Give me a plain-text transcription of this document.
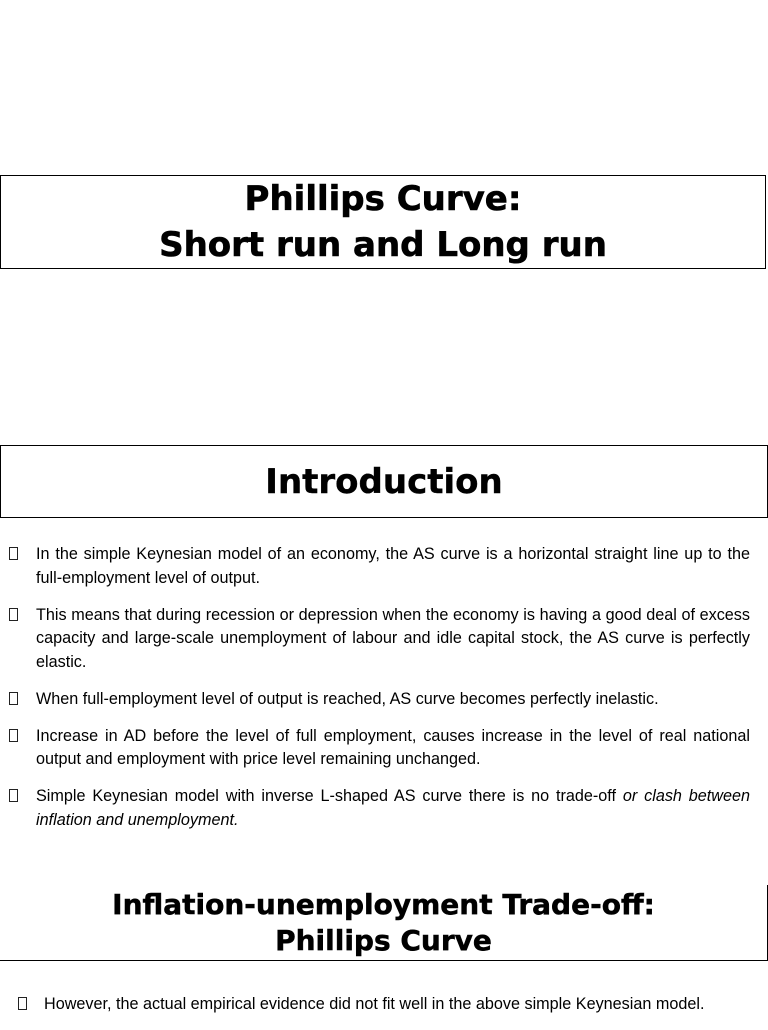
Phillips Curve:
Short run and Long run
Introduction
In the simple Keynesian model of an economy, the AS curve is a horizontal straight line up to the full-employment level of output.
This means that during recession or depression when the economy is having a good deal of excess capacity and large-scale unemployment of labour and idle capital stock, the AS curve is perfectly elastic.
When full-employment level of output is reached, AS curve becomes perfectly inelastic.
Increase in AD before the level of full employment, causes increase in the level of real national output and employment with price level remaining unchanged.
Simple Keynesian model with inverse L-shaped AS curve there is no trade-off or clash between inflation and unemployment.
Inflation-unemployment Trade-off:
Phillips Curve
However, the actual empirical evidence did not fit well in the above simple Keynesian model.
